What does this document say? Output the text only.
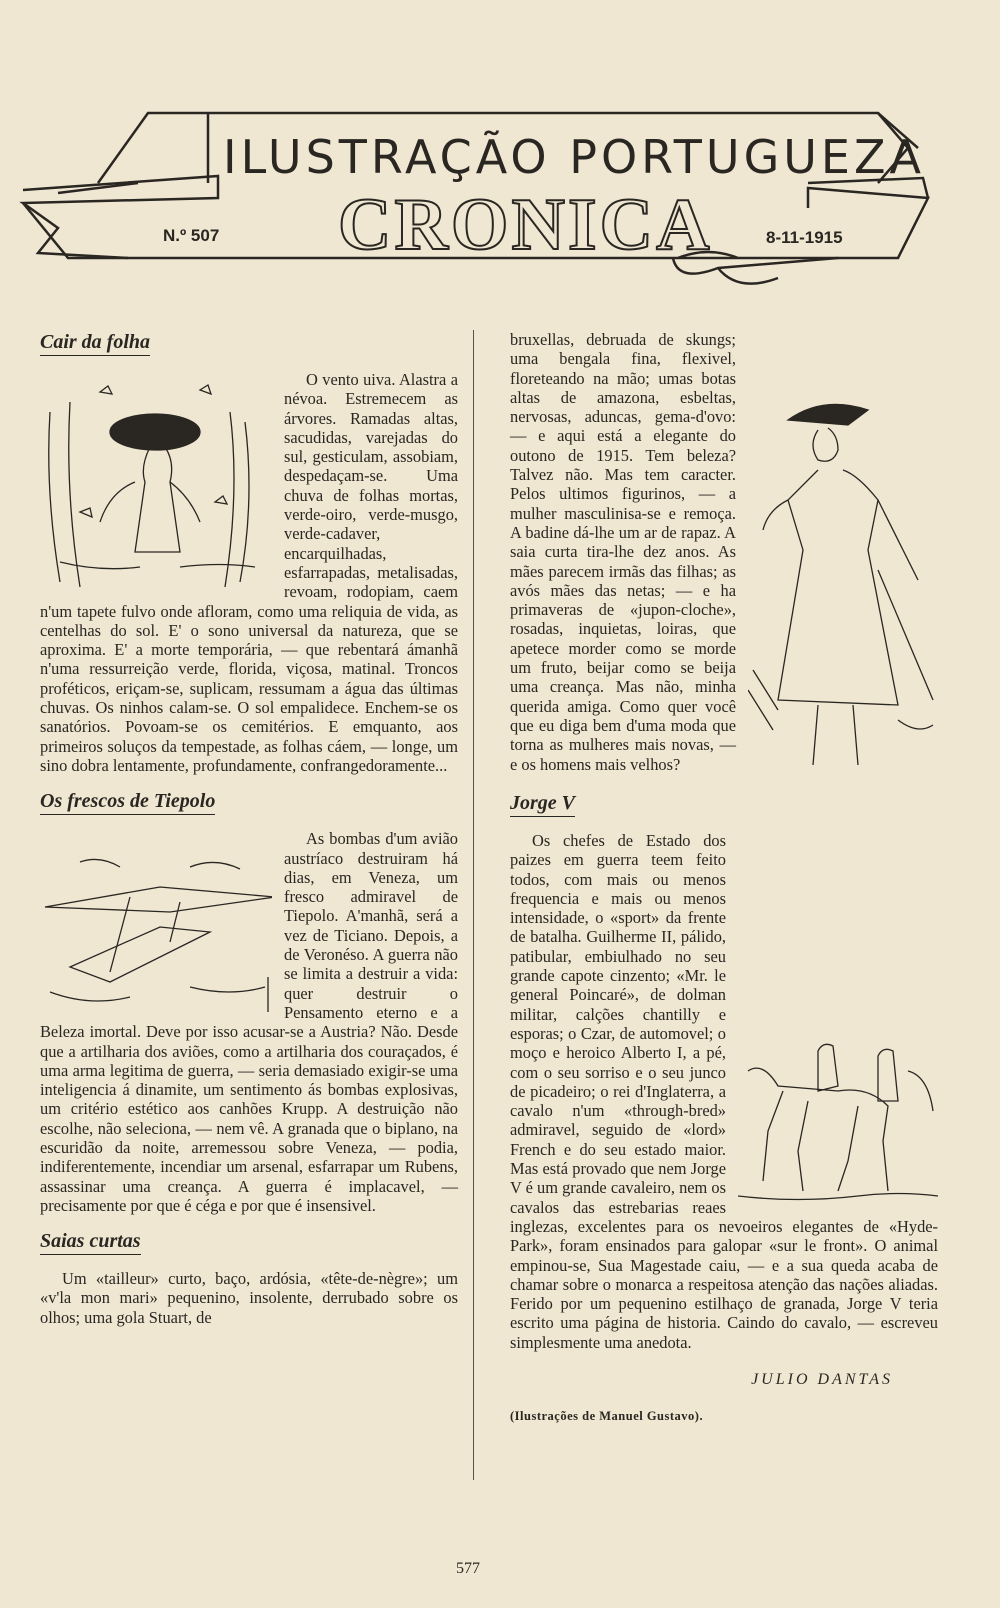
ILUSTRAÇÃO PORTUGUEZA
CRONICA
N.º 507	8-11-1915
Cair da folha

O vento uiva. Alastra a névoa. Estremecem as árvores. Ramadas altas, sacudidas, varejadas do sul, gesticulam, assobiam, despedaçam-se. Uma chuva de folhas mortas, verde-oiro, verde-musgo, verde-cadaver, encarquilhadas, esfarrapadas, metalisadas, revoam, rodopiam, caem n'um tapete fulvo onde afloram, como uma reliquia de vida, as centelhas do sol. E' o sono universal da natureza, que se aproxima. E' a morte temporária, — que rebentará ámanhã n'uma ressurreição verde, florida, viçosa, matinal. Troncos proféticos, eriçam-se, suplicam, ressumam a água das últimas chuvas. Os ninhos calam-se. O sol empalidece. Enchem-se os sanatórios. Povoam-se os cemitérios. E emquanto, aos primeiros soluços da tempestade, as folhas cáem, — longe, um sino dobra lentamente, profundamente, confrangedoramente...

Os frescos de Tiepolo

As bombas d'um avião austríaco destruiram há dias, em Veneza, um fresco admiravel de Tiepolo. A'manhã, será a vez de Ticiano. Depois, a de Veronéso. A guerra não se limita a destruir a vida: quer destruir o Pensamento eterno e a Beleza imortal. Deve por isso acusar-se a Austria? Não. Desde que a artilharia dos aviões, como a artilharia dos couraçados, é uma arma legitima de guerra, — seria demasiado exigir-se uma inteligencia á dinamite, um sentimento ás bombas explosivas, um critério estético aos canhões Krupp. A destruição não escolhe, não seleciona, — nem vê. A granada que o biplano, na escuridão da noite, arremessou sobre Veneza, — podia, indiferentemente, incendiar um arsenal, esfarrapar um Rubens, assassinar uma creança. A guerra é implacavel, — precisamente por que é céga e por que é insensivel.

Saias curtas

Um «tailleur» curto, baço, ardósia, «tête-de-nègre»; um «v'la mon mari» pequenino, insolente, derrubado sobre os olhos; uma gola Stuart, de

bruxellas, debruada de skungs; uma bengala fina, flexivel, floreteando na mão; umas botas altas de amazona, esbeltas, nervosas, aduncas, gema-d'ovo: — e aqui está a elegante do outono de 1915. Tem beleza? Talvez não. Mas tem caracter. Pelos ultimos figurinos, — a mulher masculinisa-se e remoça. A badine dá-lhe um ar de rapaz. A saia curta tira-lhe dez anos. As mães parecem irmãs das filhas; as avós mães das netas; — e ha primaveras de «jupon-cloche», rosadas, inquietas, loiras, que apetece morder como se morde um fruto, beijar como se beija uma creança. Mas não, minha querida amiga. Como quer você que eu diga bem d'uma moda que torna as mulheres mais novas, — e os homens mais velhos?

Jorge V

Os chefes de Estado dos paizes em guerra teem feito todos, com mais ou menos frequencia e mais ou menos intensidade, o «sport» da frente de batalha. Guilherme II, pálido, patibular, embiulhado no seu grande capote cinzento; «Mr. le general Poincaré», de dolman militar, calções chantilly e esporas; o Czar, de automovel; o moço e heroico Alberto I, a pé, com o seu sorriso e o seu junco de picadeiro; o rei d'Inglaterra, a cavalo n'um «through-bred» admiravel, seguido de «lord» French e do seu estado maior. Mas está provado que nem Jorge V é um grande cavaleiro, nem os cavalos das estrebarias reaes inglezas, excelentes para os nevoeiros elegantes de «Hyde-Park», foram ensinados para galopar «sur le front». O animal empinou-se, Sua Magestade caiu, — e a sua queda acaba de chamar sobre o monarca a respeitosa atenção das nações aliadas. Ferido por um pequenino estilhaço de granada, Jorge V teria escrito uma página de historia. Caindo do cavalo, — escreveu simplesmente uma anedota.

JULIO DANTAS
(Ilustrações de Manuel Gustavo).
577
